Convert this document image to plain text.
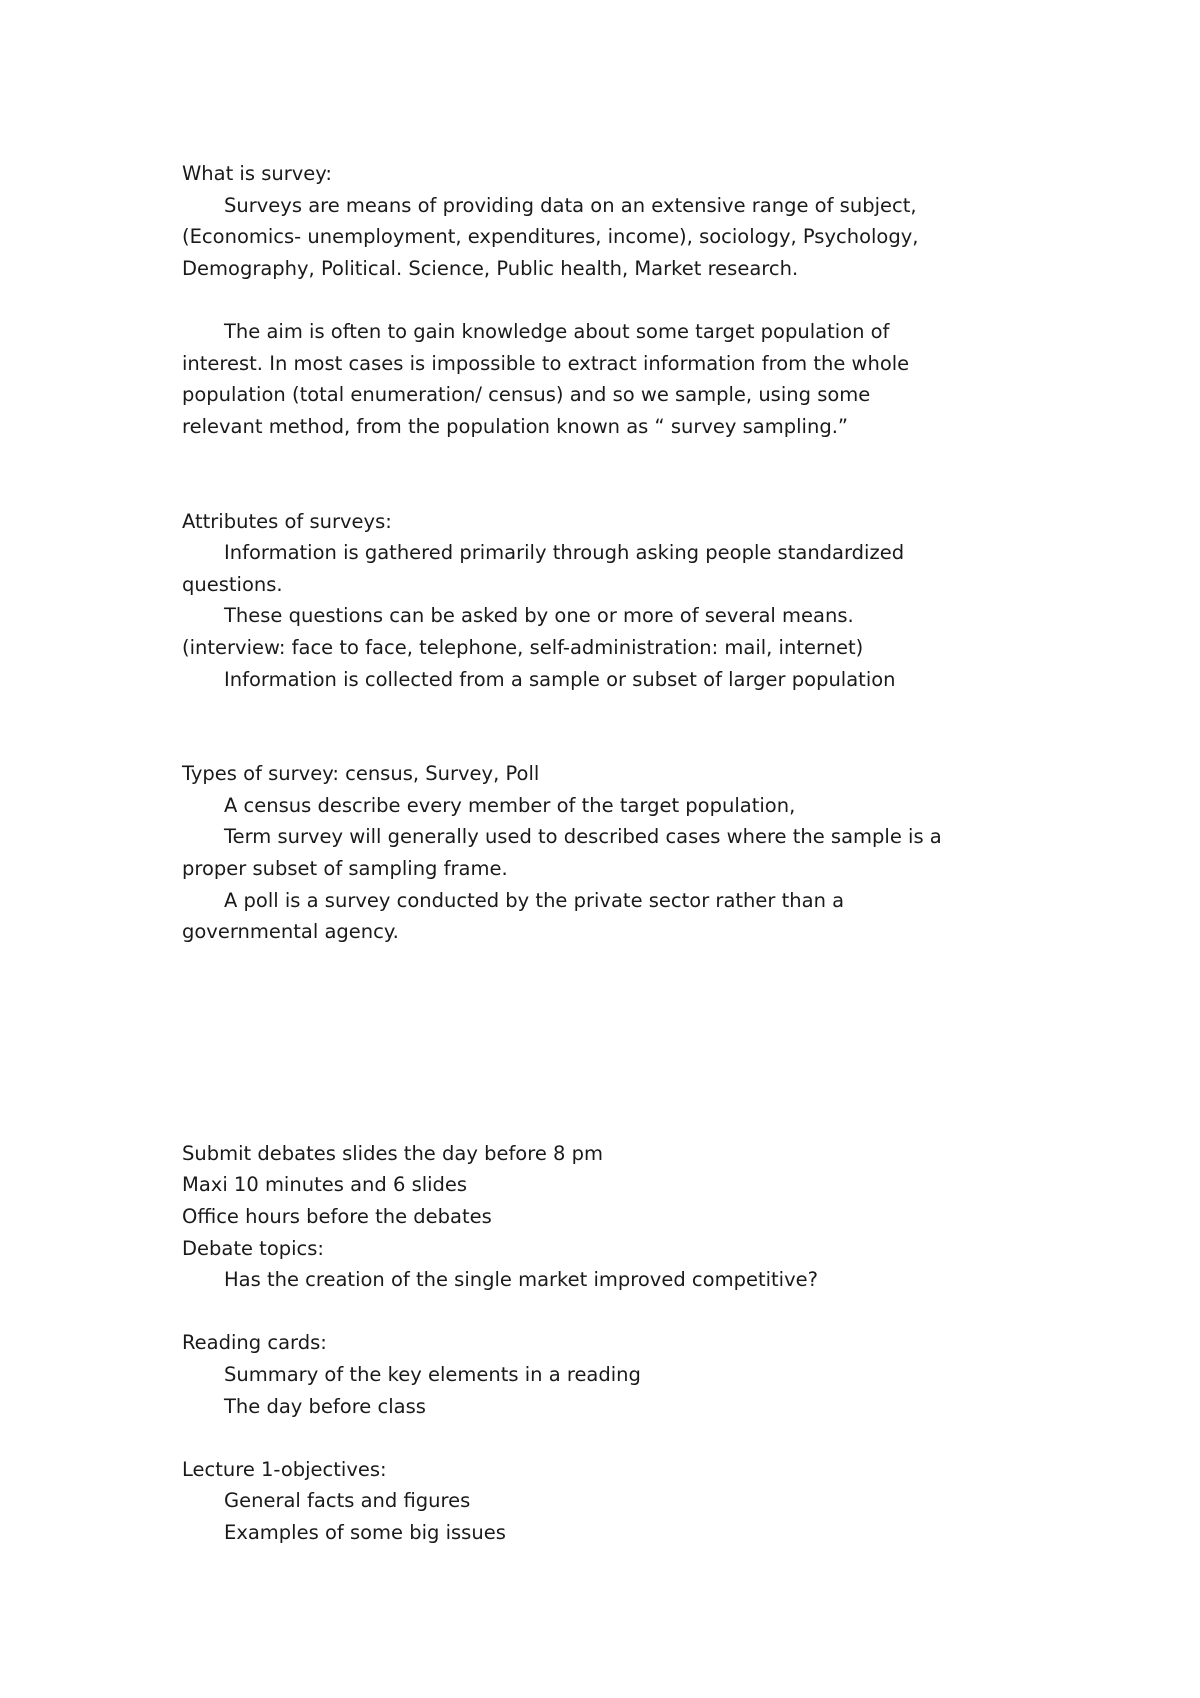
What is survey:
Surveys are means of providing data on an extensive range of subject,
(Economics- unemployment, expenditures, income), sociology, Psychology,
Demography, Political. Science, Public health, Market research.
The aim is often to gain knowledge about some target population of
interest. In most cases is impossible to extract information from the whole
population (total enumeration/ census) and so we sample, using some
relevant method, from the population known as “ survey sampling.”
Attributes of surveys:
Information is gathered primarily through asking people standardized
questions.
These questions can be asked by one or more of several means.
(interview: face to face, telephone, self-administration: mail, internet)
Information is collected from a sample or subset of larger population
Types of survey: census, Survey, Poll
A census describe every member of the target population,
Term survey will generally used to described cases where the sample is a
proper subset of sampling frame.
A poll is a survey conducted by the private sector rather than a
governmental agency.
Submit debates slides the day before 8 pm
Maxi 10 minutes and 6 slides
Office hours before the debates
Debate topics:
Has the creation of the single market improved competitive?
Reading cards:
Summary of the key elements in a reading
The day before class
Lecture 1-objectives:
General facts and figures
Examples of some big issues
